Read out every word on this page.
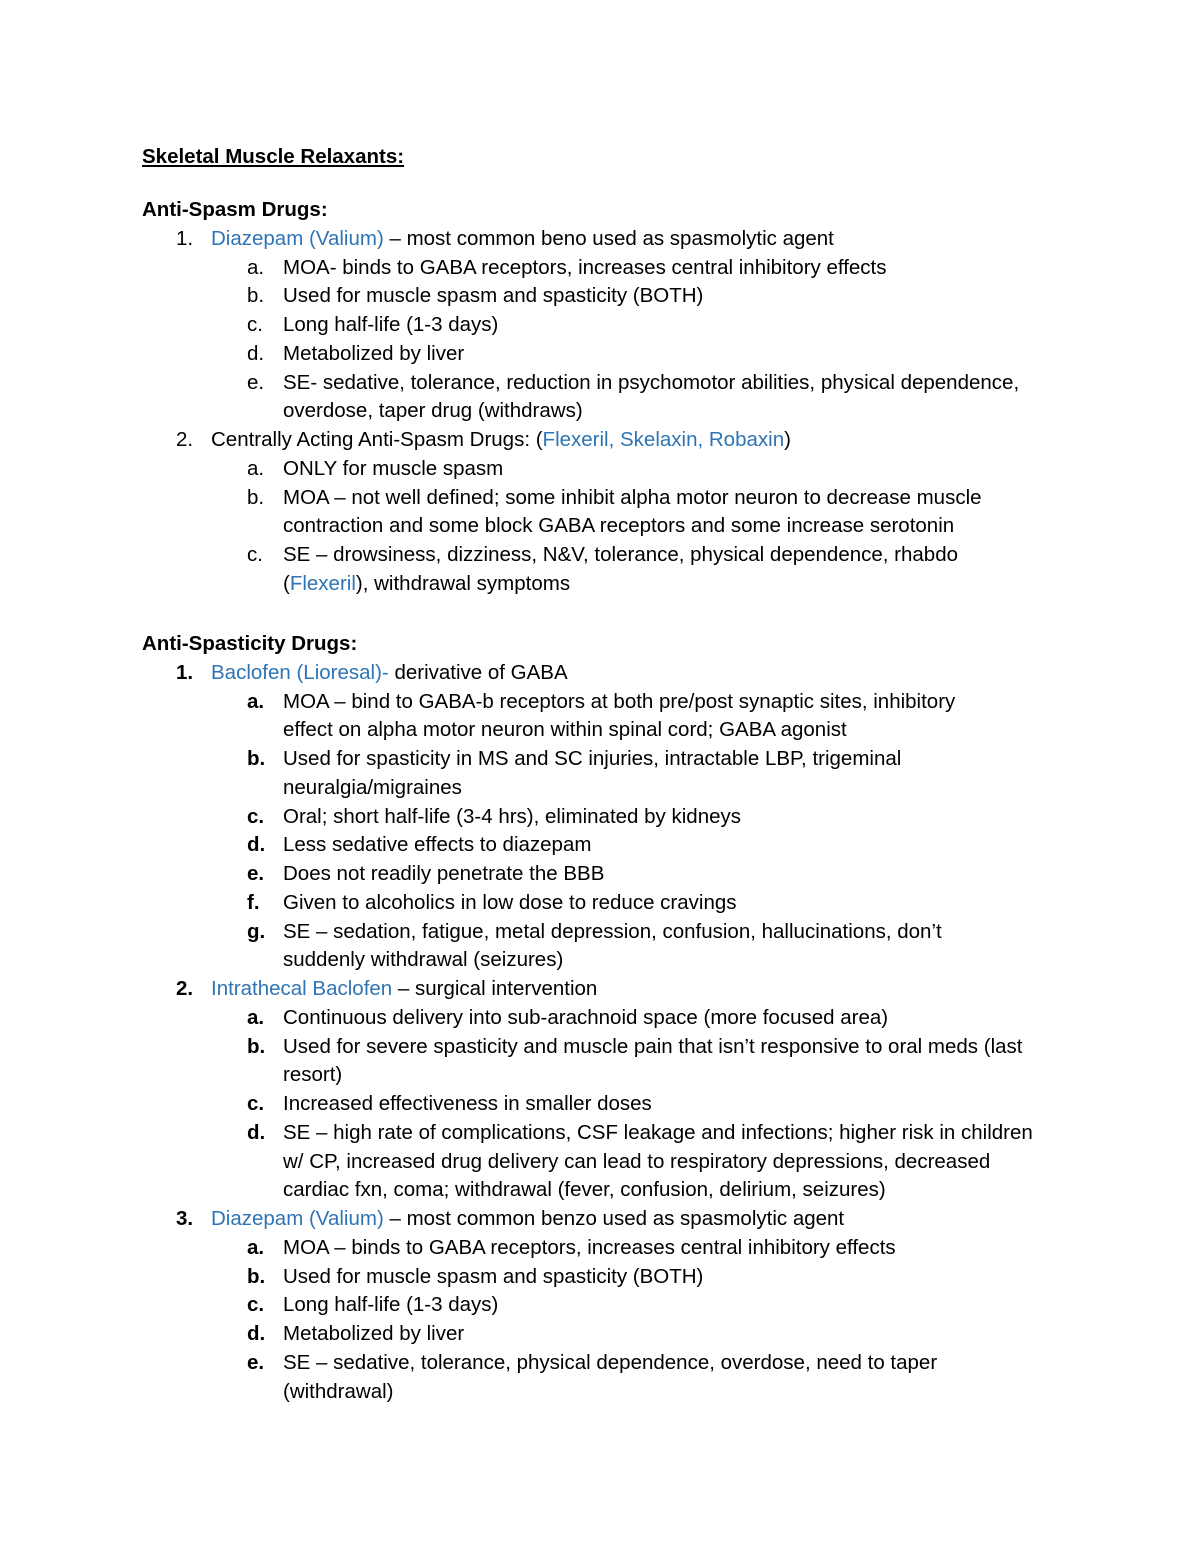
Skeletal Muscle Relaxants:
Anti-Spasm Drugs:
1. Diazepam (Valium) – most common beno used as spasmolytic agent
a. MOA- binds to GABA receptors, increases central inhibitory effects
b. Used for muscle spasm and spasticity (BOTH)
c. Long half-life (1-3 days)
d. Metabolized by liver
e. SE- sedative, tolerance, reduction in psychomotor abilities, physical dependence,
overdose, taper drug (withdraws)
2. Centrally Acting Anti-Spasm Drugs: (Flexeril, Skelaxin, Robaxin)
a. ONLY for muscle spasm
b. MOA – not well defined; some inhibit alpha motor neuron to decrease muscle
contraction and some block GABA receptors and some increase serotonin
c. SE – drowsiness, dizziness, N&V, tolerance, physical dependence, rhabdo
(Flexeril), withdrawal symptoms
Anti-Spasticity Drugs:
1. Baclofen (Lioresal)- derivative of GABA
a. MOA – bind to GABA-b receptors at both pre/post synaptic sites, inhibitory
effect on alpha motor neuron within spinal cord; GABA agonist
b. Used for spasticity in MS and SC injuries, intractable LBP, trigeminal
neuralgia/migraines
c. Oral; short half-life (3-4 hrs), eliminated by kidneys
d. Less sedative effects to diazepam
e. Does not readily penetrate the BBB
f.	Given to alcoholics in low dose to reduce cravings
g. SE – sedation, fatigue, metal depression, confusion, hallucinations, don’t
suddenly withdrawal (seizures)
2. Intrathecal Baclofen – surgical intervention
a. Continuous delivery into sub-arachnoid space (more focused area)
b. Used for severe spasticity and muscle pain that isn’t responsive to oral meds (last
resort)
c. Increased effectiveness in smaller doses
d. SE – high rate of complications, CSF leakage and infections; higher risk in children
w/ CP, increased drug delivery can lead to respiratory depressions, decreased
cardiac fxn, coma; withdrawal (fever, confusion, delirium, seizures)
3. Diazepam (Valium) – most common benzo used as spasmolytic agent
a. MOA – binds to GABA receptors, increases central inhibitory effects
b. Used for muscle spasm and spasticity (BOTH)
c. Long half-life (1-3 days)
d. Metabolized by liver
e. SE – sedative, tolerance, physical dependence, overdose, need to taper
(withdrawal)
